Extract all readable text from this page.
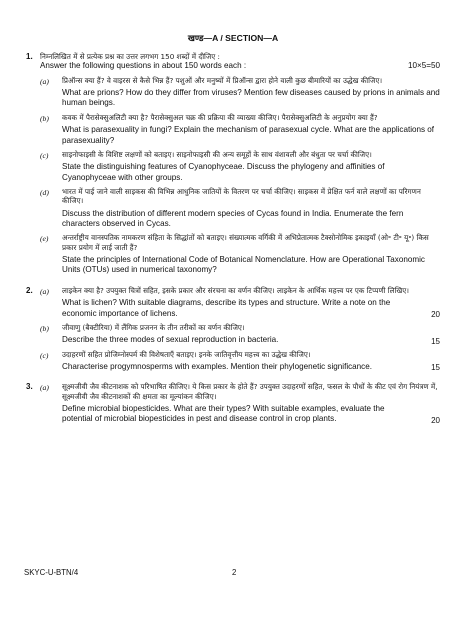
खण्ड—A / SECTION—A
1.	निम्नलिखित में से प्रत्येक प्रश्न का उत्तर लगभग 150 शब्दों में दीजिए :
Answer the following questions in about 150 words each :	10×5=50
(a)	प्रिऑन्स क्या हैं? वे वाइरस से कैसे भिन्न हैं? पशुओं और मनुष्यों में प्रिऑन्स द्वारा होने वाली कुछ बीमारियों का उद्धेख कीजिए।
What are prions? How do they differ from viruses? Mention few diseases caused by prions in animals and human beings.
(b)	कवक में पैरासेक्सुअलिटी क्या है? पैरासेक्सुअल चक्र की प्रक्रिया की व्याख्या कीजिए। पैरासेक्सुअलिटी के अनुप्रयोग क्या हैं?
What is parasexuality in fungi? Explain the mechanism of parasexual cycle. What are the applications of parasexuality?
(c)	साइनोफाइसी के विशिष्ट लक्षणों को बताइए। साइनोफाइसी की अन्य समूहों के साथ वंशावली और बंधुता पर चर्चा कीजिए।
State the distinguishing features of Cyanophyceae. Discuss the phylogeny and affinities of Cyanophyceae with other groups.
(d)	भारत में पाई जाने वाली साइकस की विभिन्न आधुनिक जातियों के वितरण पर चर्चा कीजिए। साइकस में प्रेक्षित फर्न वाले लक्षणों का परिगणन कीजिए।
Discuss the distribution of different modern species of Cycas found in India. Enumerate the fern characters observed in Cycas.
(e)	अन्तर्राष्ट्रीय वानस्पतिक नामकरण संहिता के सिद्धांतों को बताइए। संख्यात्मक वर्गिकी में अभिप्रेतात्मक टैक्सोनोमिक इकाइयाँ (ओ॰ टी॰ यू॰) किस प्रकार प्रयोग में लाई जाती हैं?
State the principles of International Code of Botanical Nomenclature. How are Operational Taxonomic Units (OTUs) used in numerical taxonomy?
2. (a)	लाइकेन क्या है? उपयुक्त चित्रों सहित, इसके प्रकार और संरचना का वर्णन कीजिए। लाइकेन के आर्थिक महत्त्व पर एक टिप्पणी लिखिए।
What is lichen? With suitable diagrams, describe its types and structure. Write a note on the economic importance of lichens.	20
(b)	जीवाणु (बैक्टीरिया) में लैंगिक प्रजनन के तीन तरीकों का वर्णन कीजिए।
Describe the three modes of sexual reproduction in bacteria.	15
(c)	उदाहरणों सहित प्रोजिम्नोस्पर्म की विशेषताएँ बताइए। इनके जातिवृत्तीय महत्त्व का उद्धेख कीजिए।
Characterise progymnosperms with examples. Mention their phylogenetic significance.	15
3. (a)	सूक्ष्मजीवी जैव कीटनाशक को परिभाषित कीजिए। ये किस प्रकार के होते हैं? उपयुक्त उदाहरणों सहित, फसल के पौधों के कीट एवं रोग नियंत्रण में, सूक्ष्मजीवी जैव कीटनाशकों की क्षमता का मूल्यांकन कीजिए।
Define microbial biopesticides. What are their types? With suitable examples, evaluate the potential of microbial biopesticides in pest and disease control in crop plants.	20
SKYC-U-BTN/4	2
